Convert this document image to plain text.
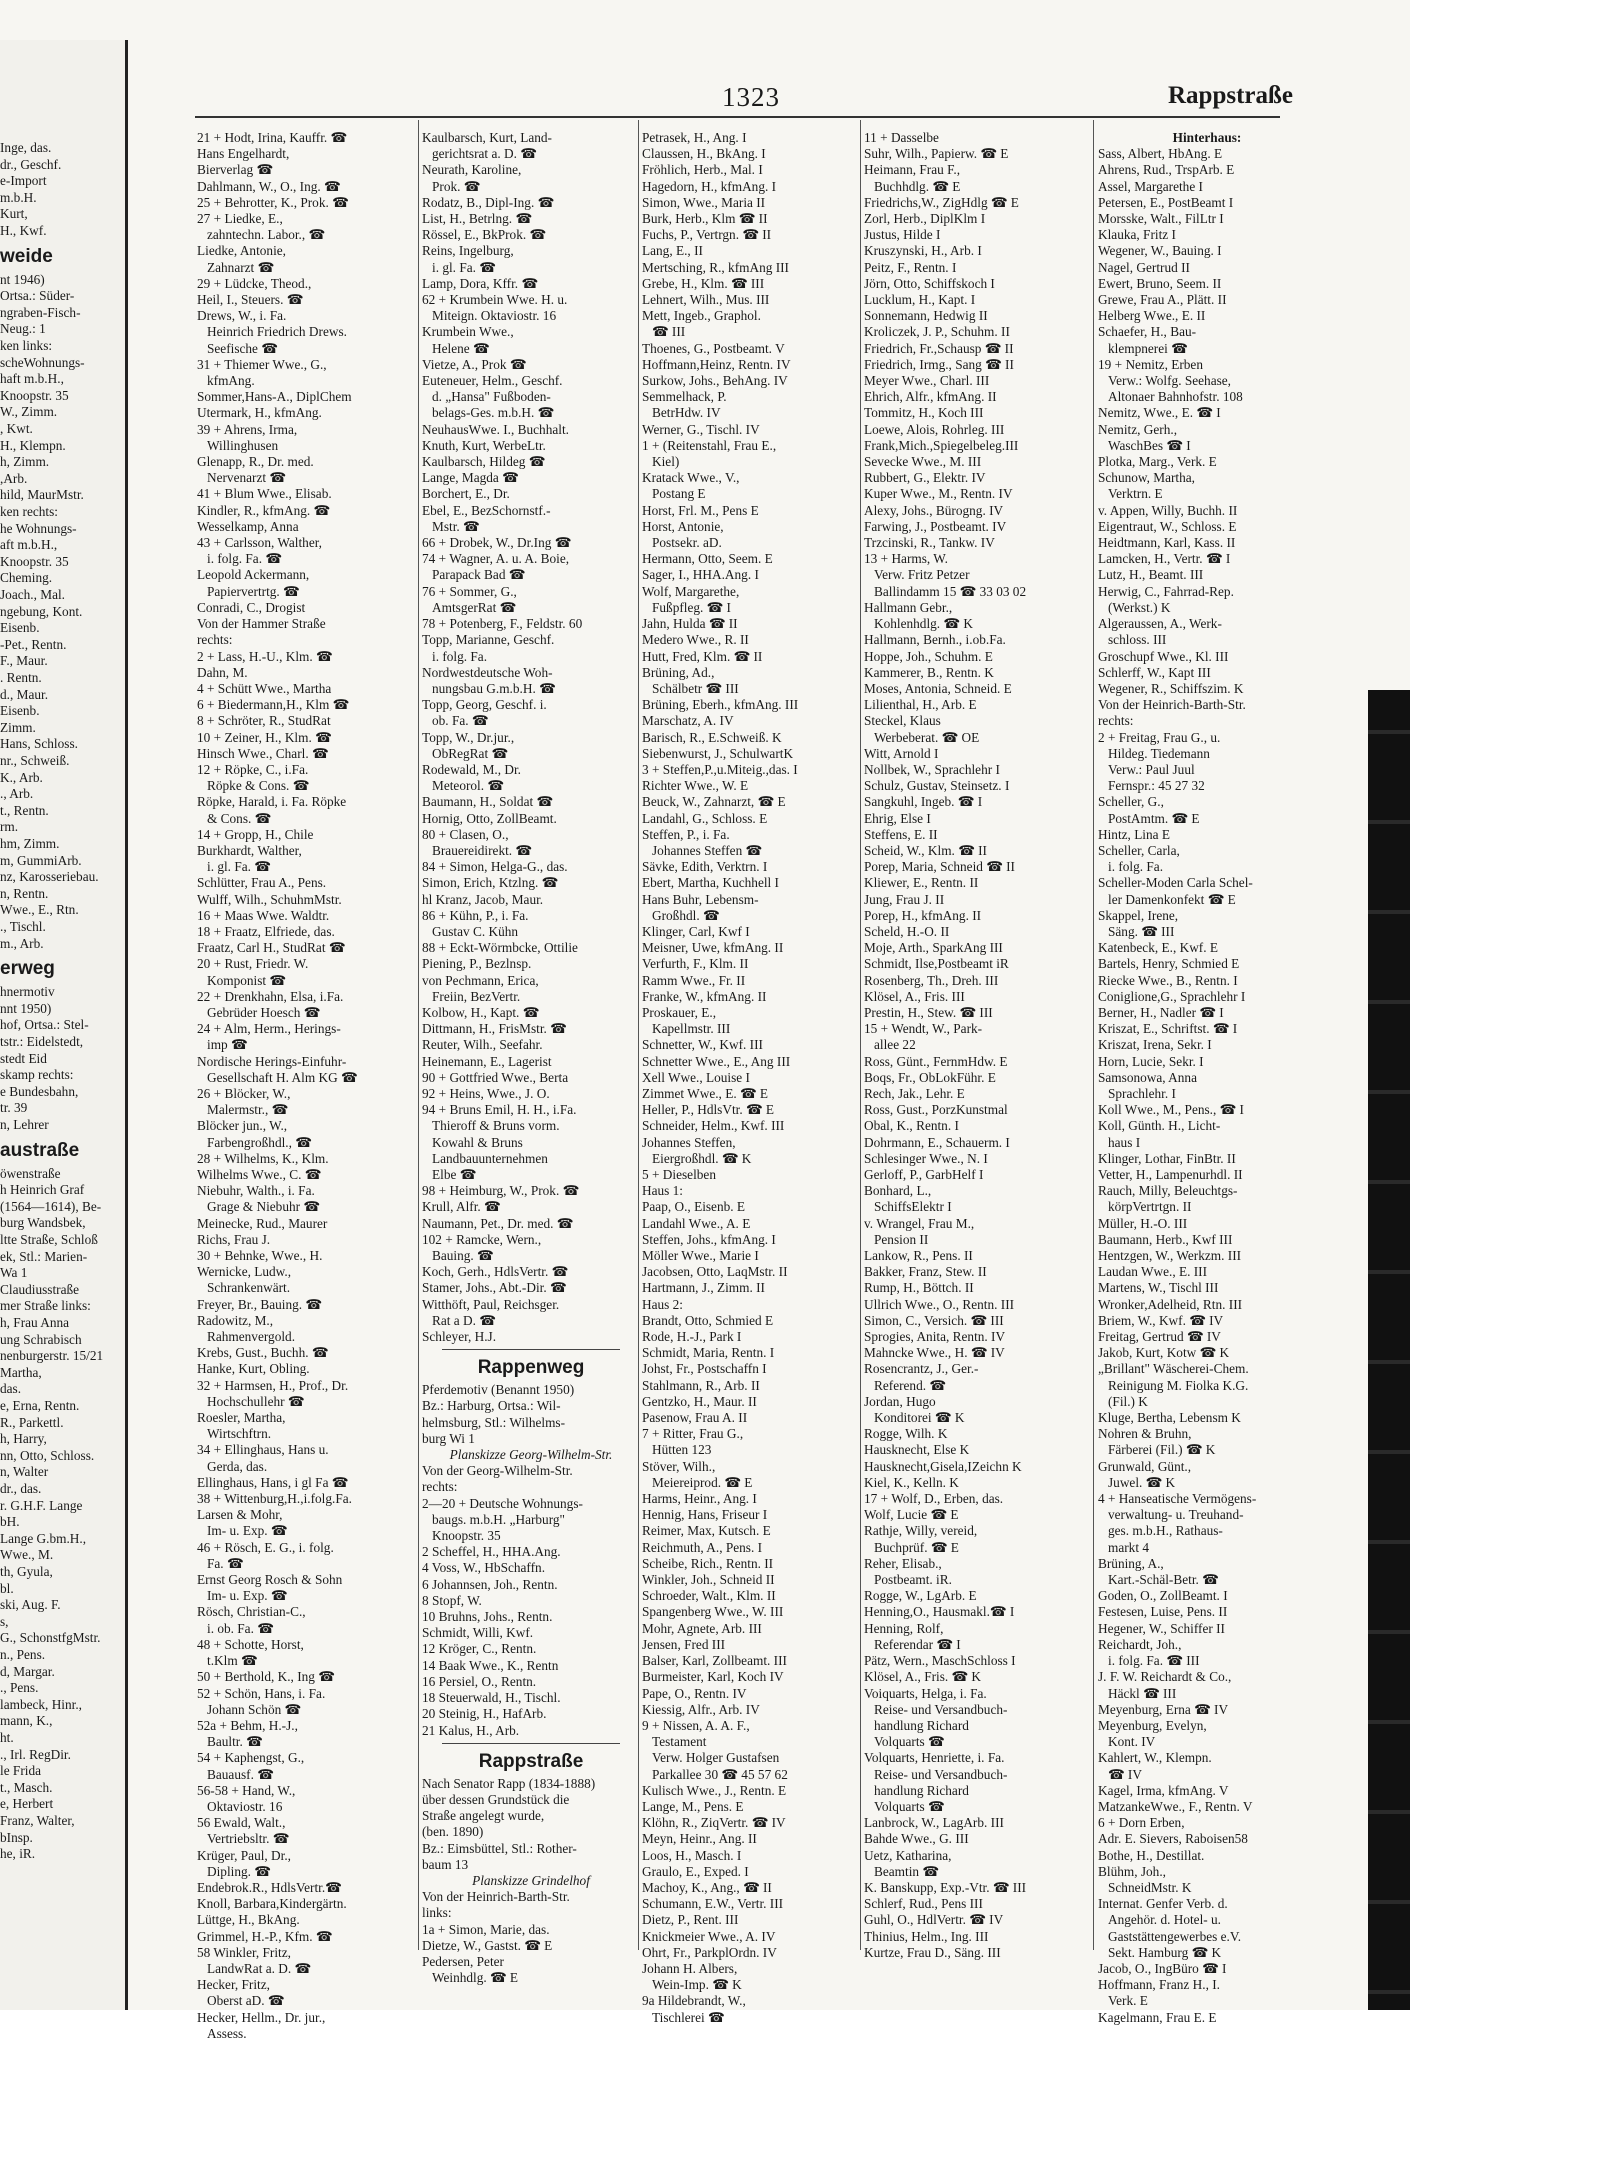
Inge, das.
dr., Geschf.
e-Import
m.b.H.
Kurt,
H., Kwf.
weide
nt 1946)
Ortsa.: Süder-
ngraben-Fisch-
Neug.: 1
ken links:
scheWohnungs-
haft m.b.H.,
Knoopstr. 35
W., Zimm.
, Kwt.
H., Klempn.
h, Zimm.
,Arb.
hild, MaurMstr.
ken rechts:
he Wohnungs-
aft m.b.H.,
Knoopstr. 35
Cheming.
Joach., Mal.
ngebung, Kont.
Eisenb.
-Pet., Rentn.
F., Maur.
. Rentn.
d., Maur.
Eisenb.
Zimm.
Hans, Schloss.
nr., Schweiß.
K., Arb.
., Arb.
t., Rentn.
rm.
hm, Zimm.
m, GummiArb.
nz, Karosseriebau.
n, Rentn.
Wwe., E., Rtn.
., Tischl.
m., Arb.
erweg
hnermotiv
nnt 1950)
hof, Ortsa.: Stel-
tstr.: Eidelstedt,
stedt Eid
skamp rechts:
e Bundesbahn,
tr. 39
n, Lehrer
austraße
öwenstraße
h Heinrich Graf
(1564—1614), Be-
burg Wandsbek,
ltte Straße, Schloß
ek, Stl.: Marien-
Wa 1
Claudiusstraße
mer Straße links:
h, Frau Anna
ung Schrabisch
nenburgerstr. 15/21
Martha,
das.
e, Erna, Rentn.
R., Parkettl.
h, Harry,
nn, Otto, Schloss.
n, Walter
dr., das.
r. G.H.F. Lange
bH.
Lange G.bm.H.,
Wwe., M.
th, Gyula,
bl.
ski, Aug. F.
s,
G., SchonstfgMstr.
n., Pens.
d, Margar.
., Pens.
lambeck, Hinr.,
mann, K.,
ht.
., Irl. RegDir.
le Frida
t., Masch.
e, Herbert
Franz, Walter,
bInsp.
he, iR.
1323	Rappstraße
21 + Hodt, Irina, Kauffr. ☎
Hans Engelhardt,
Bierverlag ☎
Dahlmann, W., O., Ing. ☎
25 + Behrotter, K., Prok. ☎
27 + Liedke, E.,
zahntechn. Labor., ☎
Liedke, Antonie,
Zahnarzt ☎
29 + Lüdcke, Theod.,
Heil, I., Steuers. ☎
Drews, W., i. Fa.
Heinrich Friedrich Drews.
Seefische ☎
31 + Thiemer Wwe., G.,
kfmAng.
Sommer,Hans-A., DiplChem
Utermark, H., kfmAng.
39 + Ahrens, Irma,
Willinghusen
Glenapp, R., Dr. med.
Nervenarzt ☎
41 + Blum Wwe., Elisab.
Kindler, R., kfmAng. ☎
Wesselkamp, Anna
43 + Carlsson, Walther,
i. folg. Fa. ☎
Leopold Ackermann,
Papiervertrtg. ☎
Conradi, C., Drogist
Von der Hammer Straße
rechts:
2 + Lass, H.-U., Klm. ☎
Dahn, M.
4 + Schütt Wwe., Martha
6 + Biedermann,H., Klm ☎
8 + Schröter, R., StudRat
10 + Zeiner, H., Klm. ☎
Hinsch Wwe., Charl. ☎
12 + Röpke, C., i.Fa.
Röpke & Cons. ☎
Röpke, Harald, i. Fa. Röpke
& Cons. ☎
14 + Gropp, H., Chile
Burkhardt, Walther,
i. gl. Fa. ☎
Schlütter, Frau A., Pens.
Wulff, Wilh., SchuhmMstr.
16 + Maas Wwe. Waldtr.
18 + Fraatz, Elfriede, das.
Fraatz, Carl H., StudRat ☎
20 + Rust, Friedr. W.
Komponist ☎
22 + Drenkhahn, Elsa, i.Fa.
Gebrüder Hoesch ☎
24 + Alm, Herm., Herings-
imp ☎
Nordische Herings-Einfuhr-
Gesellschaft H. Alm KG ☎
26 + Blöcker, W.,
Malermstr., ☎
Blöcker jun., W.,
Farbengroßhdl., ☎
28 + Wilhelms, K., Klm.
Wilhelms Wwe., C. ☎
Niebuhr, Walth., i. Fa.
Grage & Niebuhr ☎
Meinecke, Rud., Maurer
Richs, Frau J.
30 + Behnke, Wwe., H.
Wernicke, Ludw.,
Schrankenwärt.
Freyer, Br., Bauing. ☎
Radowitz, M.,
Rahmenvergold.
Krebs, Gust., Buchh. ☎
Hanke, Kurt, Obling.
32 + Harmsen, H., Prof., Dr.
Hochschullehr ☎
Roesler, Martha,
Wirtschftrn.
34 + Ellinghaus, Hans u.
Gerda, das.
Ellinghaus, Hans, i gl Fa ☎
38 + Wittenburg,H.,i.folg.Fa.
Larsen & Mohr,
Im- u. Exp. ☎
46 + Rösch, E. G., i. folg.
Fa. ☎
Ernst Georg Rosch & Sohn
Im- u. Exp. ☎
Rösch, Christian-C.,
i. ob. Fa. ☎
48 + Schotte, Horst,
t.Klm ☎
50 + Berthold, K., Ing ☎
52 + Schön, Hans, i. Fa.
Johann Schön ☎
52a + Behm, H.-J.,
Baultr. ☎
54 + Kaphengst, G.,
Bauausf. ☎
56-58 + Hand, W.,
Oktaviostr. 16
56 Ewald, Walt.,
Vertriebsltr. ☎
Krüger, Paul, Dr.,
Dipling. ☎
Endebrok.R., HdlsVertr.☎
Knoll, Barbara,Kindergärtn.
Lüttge, H., BkAng.
Grimmel, H.-P., Kfm. ☎
58 Winkler, Fritz,
LandwRat a. D. ☎
Hecker, Fritz,
Oberst aD. ☎
Hecker, Hellm., Dr. jur.,
Assess.
Kaulbarsch, Kurt, Land-
gerichtsrat a. D. ☎
Neurath, Karoline,
Prok. ☎
Rodatz, B., Dipl-Ing. ☎
List, H., Betrlng. ☎
Rössel, E., BkProk. ☎
Reins, Ingelburg,
i. gl. Fa. ☎
Lamp, Dora, Kffr. ☎
62 + Krumbein Wwe. H. u.
Miteign. Oktaviostr. 16
Krumbein Wwe.,
Helene ☎
Vietze, A., Prok ☎
Euteneuer, Helm., Geschf.
d. „Hansa" Fußboden-
belags-Ges. m.b.H. ☎
NeuhausWwe. I., Buchhalt.
Knuth, Kurt, WerbeLtr.
Kaulbarsch, Hildeg ☎
Lange, Magda ☎
Borchert, E., Dr.
Ebel, E., BezSchornstf.-
Mstr. ☎
66 + Drobek, W., Dr.Ing ☎
74 + Wagner, A. u. A. Boie,
Parapack Bad ☎
76 + Sommer, G.,
AmtsgerRat ☎
78 + Potenberg, F., Feldstr. 60
Topp, Marianne, Geschf.
i. folg. Fa.
Nordwestdeutsche Woh-
nungsbau G.m.b.H. ☎
Topp, Georg, Geschf. i.
ob. Fa. ☎
Topp, W., Dr.jur.,
ObRegRat ☎
Rodewald, M., Dr.
Meteorol. ☎
Baumann, H., Soldat ☎
Hornig, Otto, ZollBeamt.
80 + Clasen, O.,
Brauereidirekt. ☎
84 + Simon, Helga-G., das.
Simon, Erich, Ktzlng. ☎
hl Kranz, Jacob, Maur.
86 + Kühn, P., i. Fa.
Gustav C. Kühn
88 + Eckt-Wörmbcke, Ottilie
Piening, P., Bezlnsp.
von Pechmann, Erica,
Freiin, BezVertr.
Kolbow, H., Kapt. ☎
Dittmann, H., FrisMstr. ☎
Reuter, Wilh., Seefahr.
Heinemann, E., Lagerist
90 + Gottfried Wwe., Berta
92 + Heins, Wwe., J. O.
94 + Bruns Emil, H. H., i.Fa.
Thieroff & Bruns vorm.
Kowahl & Bruns
Landbauunternehmen
Elbe ☎
98 + Heimburg, W., Prok. ☎
Krull, Alfr. ☎
Naumann, Pet., Dr. med. ☎
102 + Ramcke, Wern.,
Bauing. ☎
Koch, Gerh., HdlsVertr. ☎
Stamer, Johs., Abt.-Dir. ☎
Witthöft, Paul, Reichsger.
Rat a D. ☎
Schleyer, H.J.
Rappenweg
Pferdemotiv (Benannt 1950)
Bz.: Harburg, Ortsa.: Wil-
helmsburg, Stl.: Wilhelms-
burg Wi 1
Planskizze Georg-Wilhelm-Str.
Von der Georg-Wilhelm-Str.
rechts:
2—20 + Deutsche Wohnungs-
baugs. m.b.H. „Harburg"
Knoopstr. 35
2 Scheffel, H., HHA.Ang.
4 Voss, W., HbSchaffn.
6 Johannsen, Joh., Rentn.
8 Stopf, W.
10 Bruhns, Johs., Rentn.
Schmidt, Willi, Kwf.
12 Kröger, C., Rentn.
14 Baak Wwe., K., Rentn
16 Persiel, O., Rentn.
18 Steuerwald, H., Tischl.
20 Steinig, H., HafArb.
21 Kalus, H., Arb.
Rappstraße
Nach Senator Rapp (1834-1888)
über dessen Grundstück die
Straße angelegt wurde,
(ben. 1890)
Bz.: Eimsbüttel, Stl.: Rother-
baum 13
Planskizze Grindelhof
Von der Heinrich-Barth-Str.
links:
1a + Simon, Marie, das.
Dietze, W., Gastst. ☎ E
Pedersen, Peter
Weinhdlg. ☎ E
Petrasek, H., Ang. I
Claussen, H., BkAng. I
Fröhlich, Herb., Mal. I
Hagedorn, H., kfmAng. I
Simon, Wwe., Maria II
Burk, Herb., Klm ☎ II
Fuchs, P., Vertrgn. ☎ II
Lang, E., II
Mertsching, R., kfmAng III
Grebe, H., Klm. ☎ III
Lehnert, Wilh., Mus. III
Mett, Ingeb., Graphol.
☎ III
Thoenes, G., Postbeamt. V
Hoffmann,Heinz, Rentn. IV
Surkow, Johs., BehAng. IV
Semmelhack, P.
BetrHdw. IV
Werner, G., Tischl. IV
1 + (Reitenstahl, Frau E.,
Kiel)
Kratack Wwe., V.,
Postang E
Horst, Frl. M., Pens E
Horst, Antonie,
Postsekr. aD.
Hermann, Otto, Seem. E
Sager, I., HHA.Ang. I
Wolf, Margarethe,
Fußpfleg. ☎ I
Jahn, Hulda ☎ II
Medero Wwe., R. II
Hutt, Fred, Klm. ☎ II
Brüning, Ad.,
Schälbetr ☎ III
Brüning, Eberh., kfmAng. III
Marschatz, A. IV
Barisch, R., E.Schweiß. K
Siebenwurst, J., SchulwartK
3 + Steffen,P.,u.Miteig.,das. I
Richter Wwe., W. E
Beuck, W., Zahnarzt, ☎ E
Landahl, G., Schloss. E
Steffen, P., i. Fa.
Johannes Steffen ☎
Sävke, Edith, Verktrn. I
Ebert, Martha, Kuchhell I
Hans Buhr, Lebensm-
Großhdl. ☎
Klinger, Carl, Kwf I
Meisner, Uwe, kfmAng. II
Verfurth, F., Klm. II
Ramm Wwe., Fr. II
Franke, W., kfmAng. II
Proskauer, E.,
Kapellmstr. III
Schnetter, W., Kwf. III
Schnetter Wwe., E., Ang III
Xell Wwe., Louise I
Zimmet Wwe., E. ☎ E
Heller, P., HdlsVtr. ☎ E
Schneider, Helm., Kwf. III
Johannes Steffen,
Eiergroßhdl. ☎ K
5 + Dieselben
Haus 1:
Paap, O., Eisenb. E
Landahl Wwe., A. E
Steffen, Johs., kfmAng. I
Möller Wwe., Marie I
Jacobsen, Otto, LaqMstr. II
Hartmann, J., Zimm. II
Haus 2:
Brandt, Otto, Schmied E
Rode, H.-J., Park I
Schmidt, Maria, Rentn. I
Johst, Fr., Postschaffn I
Stahlmann, R., Arb. II
Gentzko, H., Maur. II
Pasenow, Frau A. II
7 + Ritter, Frau G.,
Hütten 123
Stöver, Wilh.,
Meiereiprod. ☎ E
Harms, Heinr., Ang. I
Hennig, Hans, Friseur I
Reimer, Max, Kutsch. E
Reichmuth, A., Pens. I
Scheibe, Rich., Rentn. II
Winkler, Joh., Schneid II
Schroeder, Walt., Klm. II
Spangenberg Wwe., W. III
Mohr, Agnete, Arb. III
Jensen, Fred III
Balser, Karl, Zollbeamt. III
Burmeister, Karl, Koch IV
Pape, O., Rentn. IV
Kiessig, Alfr., Arb. IV
9 + Nissen, A. A. F.,
Testament
Verw. Holger Gustafsen
Parkallee 30 ☎ 45 57 62
Kulisch Wwe., J., Rentn. E
Lange, M., Pens. E
Klöhn, R., ZiqVertr. ☎ IV
Meyn, Heinr., Ang. II
Loos, H., Masch. I
Graulo, E., Exped. I
Machoy, K., Ang., ☎ II
Schumann, E.W., Vertr. III
Dietz, P., Rent. III
Knickmeier Wwe., A. IV
Ohrt, Fr., ParkplOrdn. IV
Johann H. Albers,
Wein-Imp. ☎ K
9a Hildebrandt, W.,
Tischlerei ☎
11 + Dasselbe
Suhr, Wilh., Papierw. ☎ E
Heimann, Frau F.,
Buchhdlg. ☎ E
Friedrichs,W., ZigHdlg ☎ E
Zorl, Herb., DiplKlm I
Justus, Hilde I
Kruszynski, H., Arb. I
Peitz, F., Rentn. I
Jörn, Otto, Schiffskoch I
Lucklum, H., Kapt. I
Sonnemann, Hedwig II
Kroliczek, J. P., Schuhm. II
Friedrich, Fr.,Schausp ☎ II
Friedrich, Irmg., Sang ☎ II
Meyer Wwe., Charl. III
Ehrich, Alfr., kfmAng. II
Tommitz, H., Koch III
Loewe, Alois, Rohrleg. III
Frank,Mich.,Spiegelbeleg.III
Sevecke Wwe., M. III
Rubbert, G., Elektr. IV
Kuper Wwe., M., Rentn. IV
Alexy, Johs., Bürogng. IV
Farwing, J., Postbeamt. IV
Trzcinski, R., Tankw. IV
13 + Harms, W.
Verw. Fritz Petzer
Ballindamm 15 ☎ 33 03 02
Hallmann Gebr.,
Kohlenhdlg. ☎ K
Hallmann, Bernh., i.ob.Fa.
Hoppe, Joh., Schuhm. E
Kammerer, B., Rentn. K
Moses, Antonia, Schneid. E
Lilienthal, H., Arb. E
Steckel, Klaus
Werbeberat. ☎ OE
Witt, Arnold I
Nollbek, W., Sprachlehr I
Schulz, Gustav, Steinsetz. I
Sangkuhl, Ingeb. ☎ I
Ehrig, Else I
Steffens, E. II
Scheid, W., Klm. ☎ II
Porep, Maria, Schneid ☎ II
Kliewer, E., Rentn. II
Jung, Frau J. II
Porep, H., kfmAng. II
Scheld, H.-O. II
Moje, Arth., SparkAng III
Schmidt, Ilse,Postbeamt iR
Rosenberg, Th., Dreh. III
Klösel, A., Fris. III
Prestin, H., Stew. ☎ III
15 + Wendt, W., Park-
allee 22
Ross, Günt., FernmHdw. E
Boqs, Fr., ObLokFühr. E
Rech, Jak., Lehr. E
Ross, Gust., PorzKunstmal
Obal, K., Rentn. I
Dohrmann, E., Schauerm. I
Schlesinger Wwe., N. I
Gerloff, P., GarbHelf I
Bonhard, L.,
SchiffsElektr I
v. Wrangel, Frau M.,
Pension II
Lankow, R., Pens. II
Bakker, Franz, Stew. II
Rump, H., Böttch. II
Ullrich Wwe., O., Rentn. III
Simon, C., Versich. ☎ III
Sprogies, Anita, Rentn. IV
Mahncke Wwe., H. ☎ IV
Rosencrantz, J., Ger.-
Referend. ☎
Jordan, Hugo
Konditorei ☎ K
Rogge, Wilh. K
Hausknecht, Else K
Hausknecht,Gisela,IZeichn K
Kiel, K., Kelln. K
17 + Wolf, D., Erben, das.
Wolf, Lucie ☎ E
Rathje, Willy, vereid,
Buchprüf. ☎ E
Reher, Elisab.,
Postbeamt. iR.
Rogge, W., LgArb. E
Henning,O., Hausmakl.☎ I
Henning, Rolf,
Referendar ☎ I
Pätz, Wern., MaschSchloss I
Klösel, A., Fris. ☎ K
Voiquarts, Helga, i. Fa.
Reise- und Versandbuch-
handlung Richard
Volquarts ☎
Volquarts, Henriette, i. Fa.
Reise- und Versandbuch-
handlung Richard
Volquarts ☎
Lanbrock, W., LagArb. III
Bahde Wwe., G. III
Uetz, Katharina,
Beamtin ☎
K. Banskupp, Exp.-Vtr. ☎ III
Schlerf, Rud., Pens III
Guhl, O., HdlVertr. ☎ IV
Thinius, Helm., Ing. III
Kurtze, Frau D., Säng. III
Hinterhaus:
Sass, Albert, HbAng. E
Ahrens, Rud., TrspArb. E
Assel, Margarethe I
Petersen, E., PostBeamt I
Morsske, Walt., FilLtr I
Klauka, Fritz I
Wegener, W., Bauing. I
Nagel, Gertrud II
Ewert, Bruno, Seem. II
Grewe, Frau A., Plätt. II
Helberg Wwe., E. II
Schaefer, H., Bau-
klempnerei ☎
19 + Nemitz, Erben
Verw.: Wolfg. Seehase,
Altonaer Bahnhofstr. 108
Nemitz, Wwe., E. ☎ I
Nemitz, Gerh.,
WaschBes ☎ I
Plotka, Marg., Verk. E
Schunow, Martha,
Verktrn. E
v. Appen, Willy, Buchh. II
Eigentraut, W., Schloss. E
Heidtmann, Karl, Kass. II
Lamcken, H., Vertr. ☎ I
Lutz, H., Beamt. III
Herwig, C., Fahrrad-Rep.
(Werkst.) K
Algeraussen, A., Werk-
schloss. III
Groschupf Wwe., Kl. III
Schlerff, W., Kapt III
Wegener, R., Schiffszim. K
Von der Heinrich-Barth-Str.
rechts:
2 + Freitag, Frau G., u.
Hildeg. Tiedemann
Verw.: Paul Juul
Fernspr.: 45 27 32
Scheller, G.,
PostAmtm. ☎ E
Hintz, Lina E
Scheller, Carla,
i. folg. Fa.
Scheller-Moden Carla Schel-
ler Damenkonfekt ☎ E
Skappel, Irene,
Säng. ☎ III
Katenbeck, E., Kwf. E
Bartels, Henry, Schmied E
Riecke Wwe., B., Rentn. I
Coniglione,G., Sprachlehr I
Berner, H., Nadler ☎ I
Kriszat, E., Schriftst. ☎ I
Kriszat, Irena, Sekr. I
Horn, Lucie, Sekr. I
Samsonowa, Anna
Sprachlehr. I
Koll Wwe., M., Pens., ☎ I
Koll, Günth. H., Licht-
haus I
Klinger, Lothar, FinBtr. II
Vetter, H., Lampenurhdl. II
Rauch, Milly, Beleuchtgs-
körpVertrtgn. II
Müller, H.-O. III
Baumann, Herb., Kwf III
Hentzgen, W., Werkzm. III
Laudan Wwe., E. III
Martens, W., Tischl III
Wronker,Adelheid, Rtn. III
Briem, W., Kwf. ☎ IV
Freitag, Gertrud ☎ IV
Jakob, Kurt, Kotw ☎ K
„Brillant" Wäscherei-Chem.
Reinigung M. Fiolka K.G.
(Fil.) K
Kluge, Bertha, Lebensm K
Nohren & Bruhn,
Färberei (Fil.) ☎ K
Grunwald, Günt.,
Juwel. ☎ K
4 + Hanseatische Vermögens-
verwaltung- u. Treuhand-
ges. m.b.H., Rathaus-
markt 4
Brüning, A.,
Kart.-Schäl-Betr. ☎
Goden, O., ZollBeamt. I
Festesen, Luise, Pens. II
Hegener, W., Schiffer II
Reichardt, Joh.,
i. folg. Fa. ☎ III
J. F. W. Reichardt & Co.,
Häckl ☎ III
Meyenburg, Erna ☎ IV
Meyenburg, Evelyn,
Kont. IV
Kahlert, W., Klempn.
☎ IV
Kagel, Irma, kfmAng. V
MatzankeWwe., F., Rentn. V
6 + Dorn Erben,
Adr. E. Sievers, Raboisen58
Bothe, H., Destillat.
Blühm, Joh.,
SchneidMstr. K
Internat. Genfer Verb. d.
Angehör. d. Hotel- u.
Gaststättengewerbes e.V.
Sekt. Hamburg ☎ K
Jacob, O., IngBüro ☎ I
Hoffmann, Franz H., I.
Verk. E
Kagelmann, Frau E. E
